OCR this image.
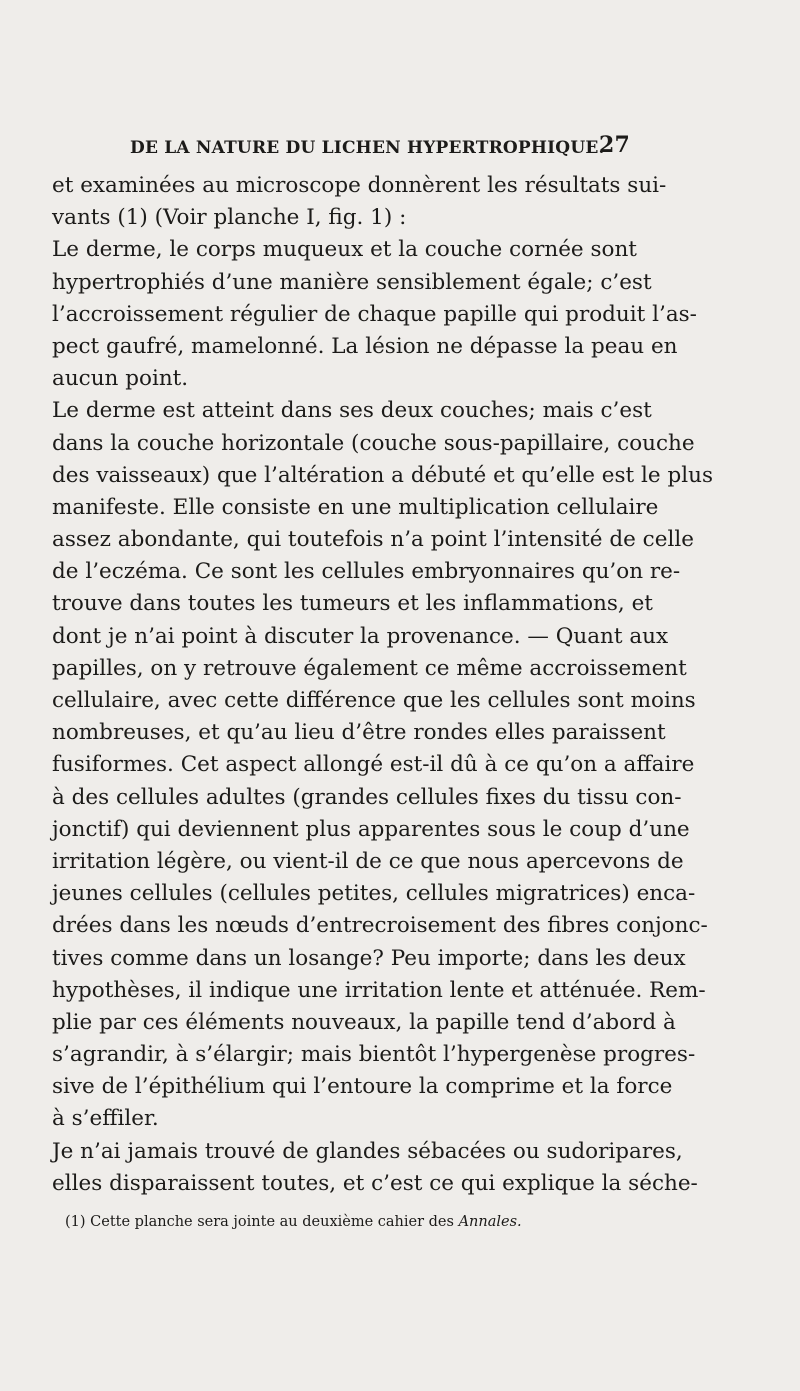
DE LA NATURE DU LICHEN HYPERTROPHIQUE.
27
et examinées au microscope donnèrent les résultats sui-
vants (1) (Voir planche I, fig. 1) :
Le derme, le corps muqueux et la couche cornée sont
hypertrophiés d’une manière sensiblement égale; c’est
l’accroissement régulier de chaque papille qui produit l’as-
pect gaufré, mamelonné. La lésion ne dépasse la peau en
aucun point.
Le derme est atteint dans ses deux couches; mais c’est
dans la couche horizontale (couche sous-papillaire, couche
des vaisseaux) que l’altération a débuté et qu’elle est le plus
manifeste. Elle consiste en une multiplication cellulaire
assez abondante, qui toutefois n’a point l’intensité de celle
de l’eczéma. Ce sont les cellules embryonnaires qu’on re-
trouve dans toutes les tumeurs et les inflammations, et
dont je n’ai point à discuter la provenance. — Quant aux
papilles, on y retrouve également ce même accroissement
cellulaire, avec cette différence que les cellules sont moins
nombreuses, et qu’au lieu d’être rondes elles paraissent
fusiformes. Cet aspect allongé est-il dû à ce qu’on a affaire
à des cellules adultes (grandes cellules fixes du tissu con-
jonctif) qui deviennent plus apparentes sous le coup d’une
irritation légère, ou vient-il de ce que nous apercevons de
jeunes cellules (cellules petites, cellules migratrices) enca-
drées dans les nœuds d’entrecroisement des fibres conjonc-
tives comme dans un losange? Peu importe; dans les deux
hypothèses, il indique une irritation lente et atténuée. Rem-
plie par ces éléments nouveaux, la papille tend d’abord à
s’agrandir, à s’élargir; mais bientôt l’hypergenèse progres-
sive de l’épithélium qui l’entoure la comprime et la force
à s’effiler.
Je n’ai jamais trouvé de glandes sébacées ou sudoripares,
elles disparaissent toutes, et c’est ce qui explique la séche-
(1) Cette planche sera jointe au deuxième cahier des Annales.
